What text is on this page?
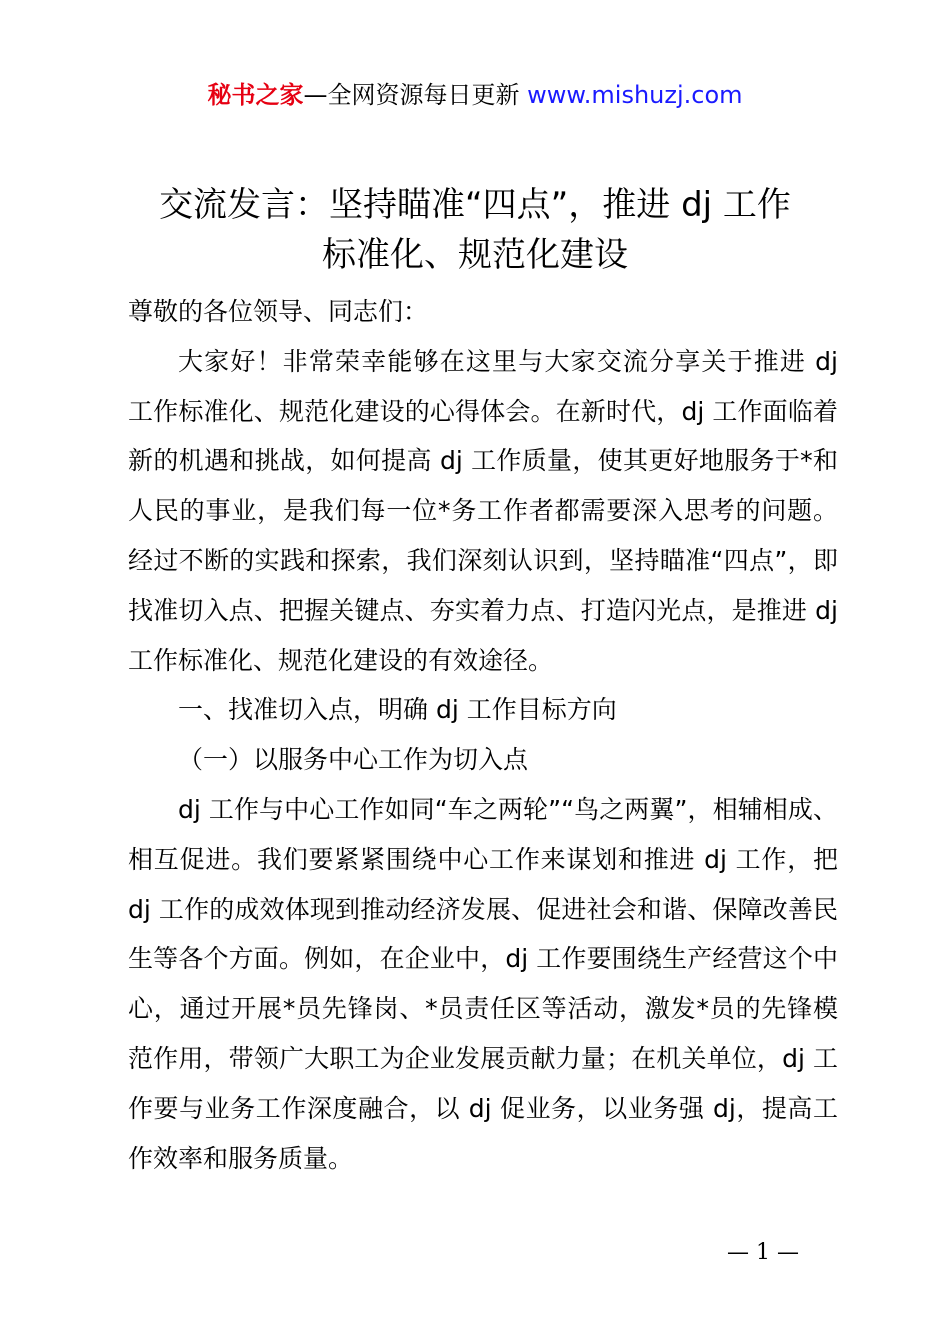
秘书之家—全网资源每日更新 www.mishuzj.com
交流发言：坚持瞄准“四点”，推进 dj 工作
标准化、规范化建设

尊敬的各位领导、同志们：

大家好！非常荣幸能够在这里与大家交流分享关于推进 dj 工作标准化、规范化建设的心得体会。在新时代，dj 工作面临着新的机遇和挑战，如何提高 dj 工作质量，使其更好地服务于*和人民的事业，是我们每一位*务工作者都需要深入思考的问题。经过不断的实践和探索，我们深刻认识到，坚持瞄准“四点”，即找准切入点、把握关键点、夯实着力点、打造闪光点，是推进 dj 工作标准化、规范化建设的有效途径。

一、找准切入点，明确 dj 工作目标方向

（一）以服务中心工作为切入点

dj 工作与中心工作如同“车之两轮”“鸟之两翼”，相辅相成、相互促进。我们要紧紧围绕中心工作来谋划和推进 dj 工作，把 dj 工作的成效体现到推动经济发展、促进社会和谐、保障改善民生等各个方面。例如，在企业中，dj 工作要围绕生产经营这个中心，通过开展*员先锋岗、*员责任区等活动，激发*员的先锋模范作用，带领广大职工为企业发展贡献力量；在机关单位，dj 工作要与业务工作深度融合，以 dj 促业务，以业务强 dj，提高工作效率和服务质量。

— 1 —
